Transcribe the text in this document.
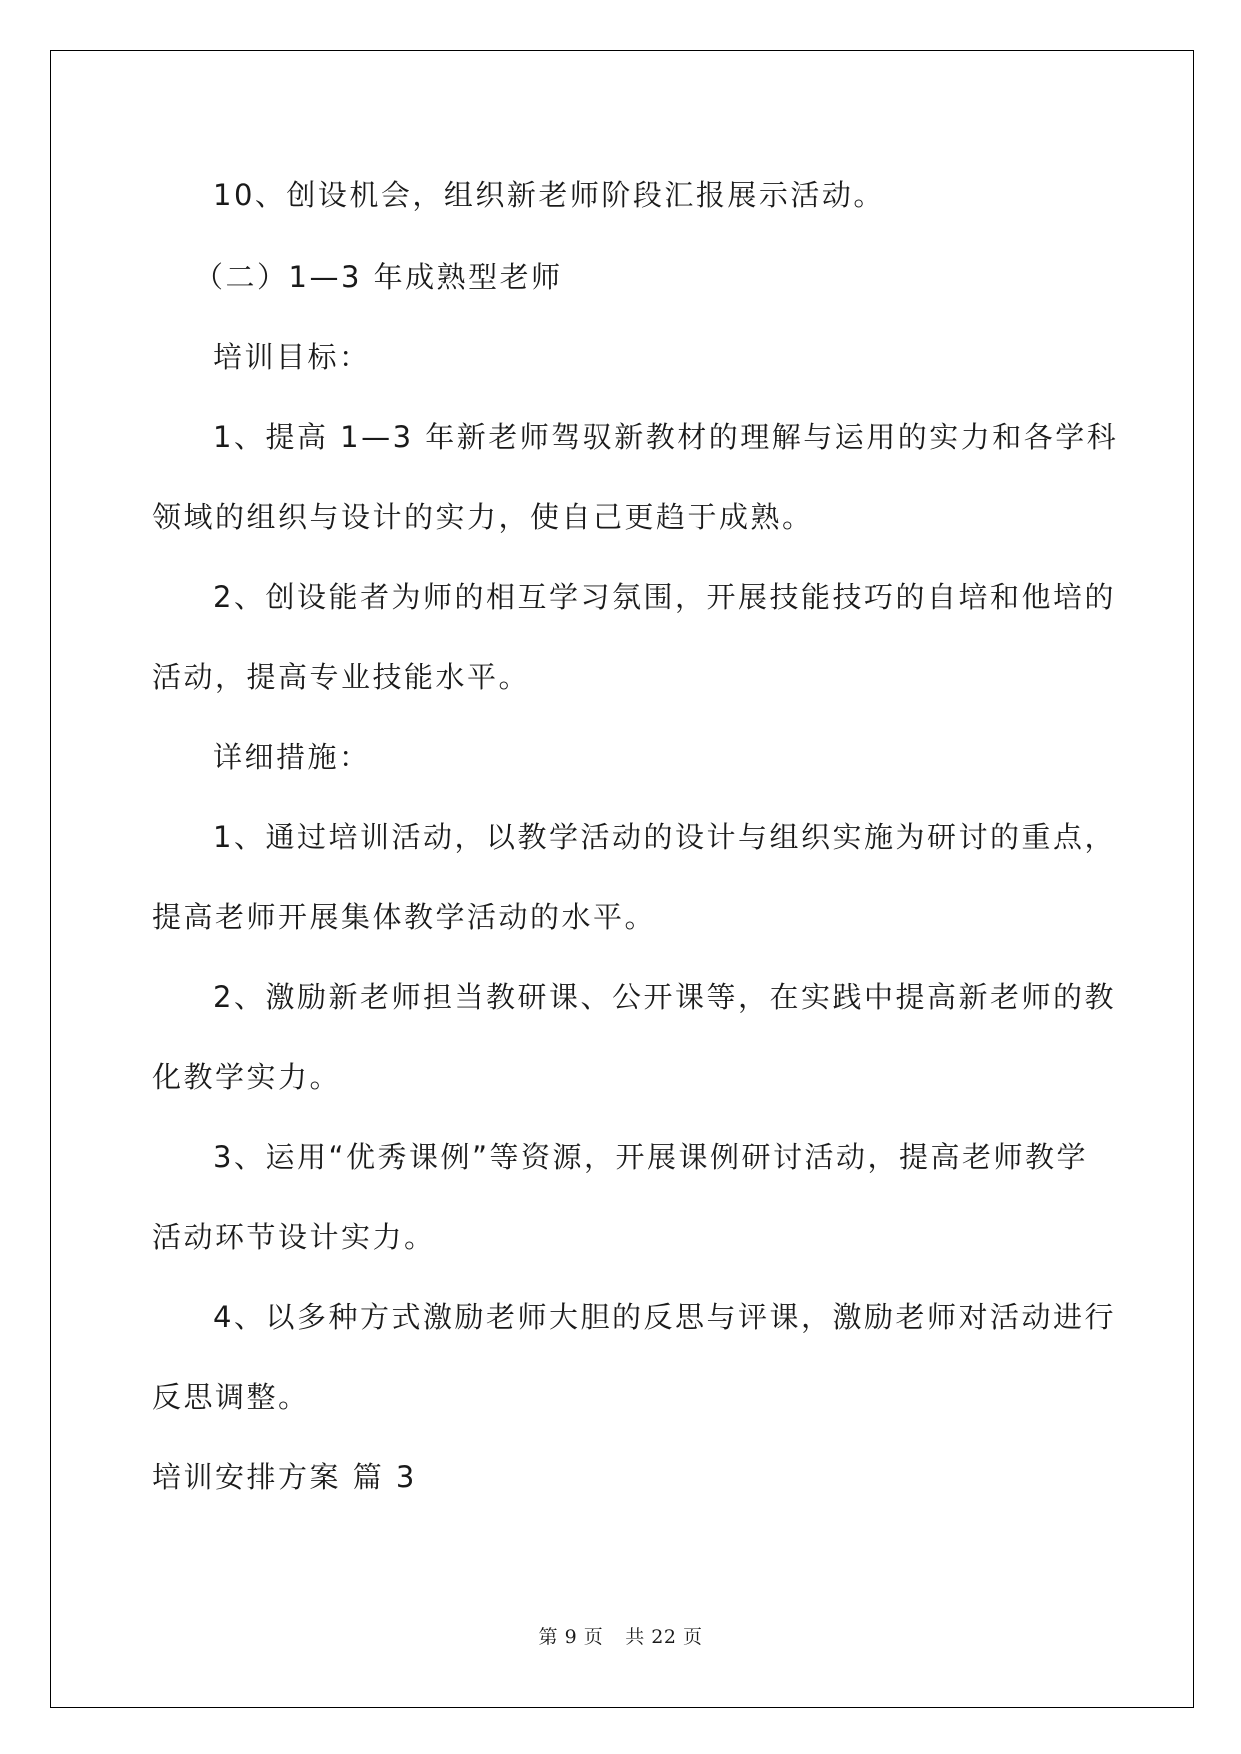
10、创设机会，组织新老师阶段汇报展示活动。
（二）1—3 年成熟型老师
培训目标：
1、提高 1—3 年新老师驾驭新教材的理解与运用的实力和各学科
领域的组织与设计的实力，使自己更趋于成熟。
2、创设能者为师的相互学习氛围，开展技能技巧的自培和他培的
活动，提高专业技能水平。
详细措施：
1、通过培训活动，以教学活动的设计与组织实施为研讨的重点，
提高老师开展集体教学活动的水平。
2、激励新老师担当教研课、公开课等，在实践中提高新老师的教
化教学实力。
3、运用“优秀课例”等资源，开展课例研讨活动，提高老师教学
活动环节设计实力。
4、以多种方式激励老师大胆的反思与评课，激励老师对活动进行
反思调整。
培训安排方案 篇 3
第 9 页 共 22 页
